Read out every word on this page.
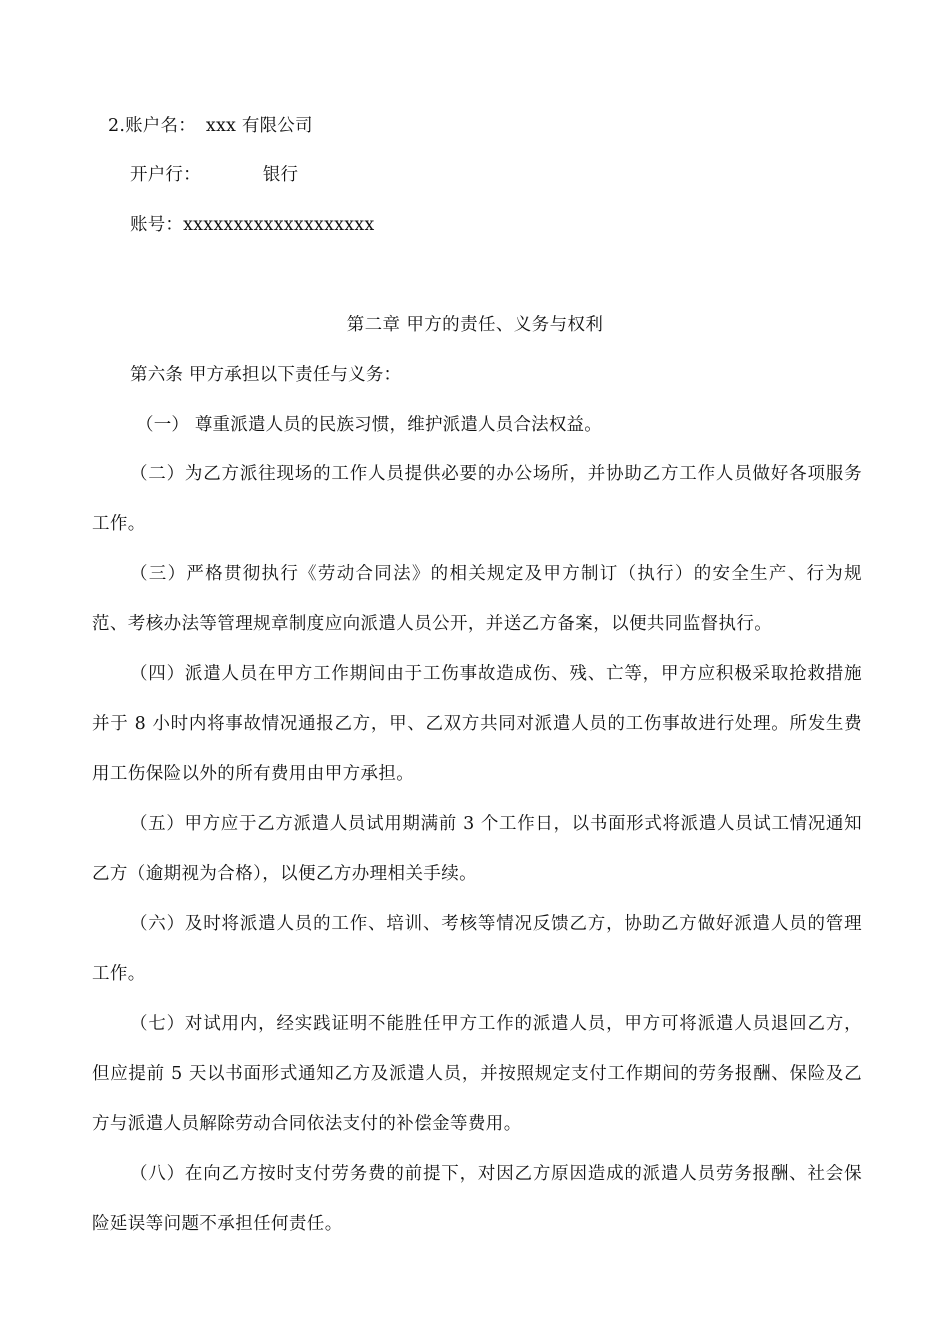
2.账户名： xxx 有限公司
开户行：	银行
账号：xxxxxxxxxxxxxxxxxxx
第二章 甲方的责任、义务与权利
第六条 甲方承担以下责任与义务：
（一） 尊重派遣人员的民族习惯，维护派遣人员合法权益。
（二）为乙方派往现场的工作人员提供必要的办公场所，并协助乙方工作人员做好各项服务工作。
（三）严格贯彻执行《劳动合同法》的相关规定及甲方制订（执行）的安全生产、行为规范、考核办法等管理规章制度应向派遣人员公开，并送乙方备案，以便共同监督执行。
（四）派遣人员在甲方工作期间由于工伤事故造成伤、残、亡等，甲方应积极采取抢救措施并于 8 小时内将事故情况通报乙方，甲、乙双方共同对派遣人员的工伤事故进行处理。所发生费用工伤保险以外的所有费用由甲方承担。
（五）甲方应于乙方派遣人员试用期满前 3 个工作日，以书面形式将派遣人员试工情况通知乙方（逾期视为合格），以便乙方办理相关手续。
（六）及时将派遣人员的工作、培训、考核等情况反馈乙方，协助乙方做好派遣人员的管理工作。
（七）对试用内，经实践证明不能胜任甲方工作的派遣人员，甲方可将派遣人员退回乙方，但应提前 5 天以书面形式通知乙方及派遣人员，并按照规定支付工作期间的劳务报酬、保险及乙方与派遣人员解除劳动合同依法支付的补偿金等费用。
（八）在向乙方按时支付劳务费的前提下，对因乙方原因造成的派遣人员劳务报酬、社会保险延误等问题不承担任何责任。
